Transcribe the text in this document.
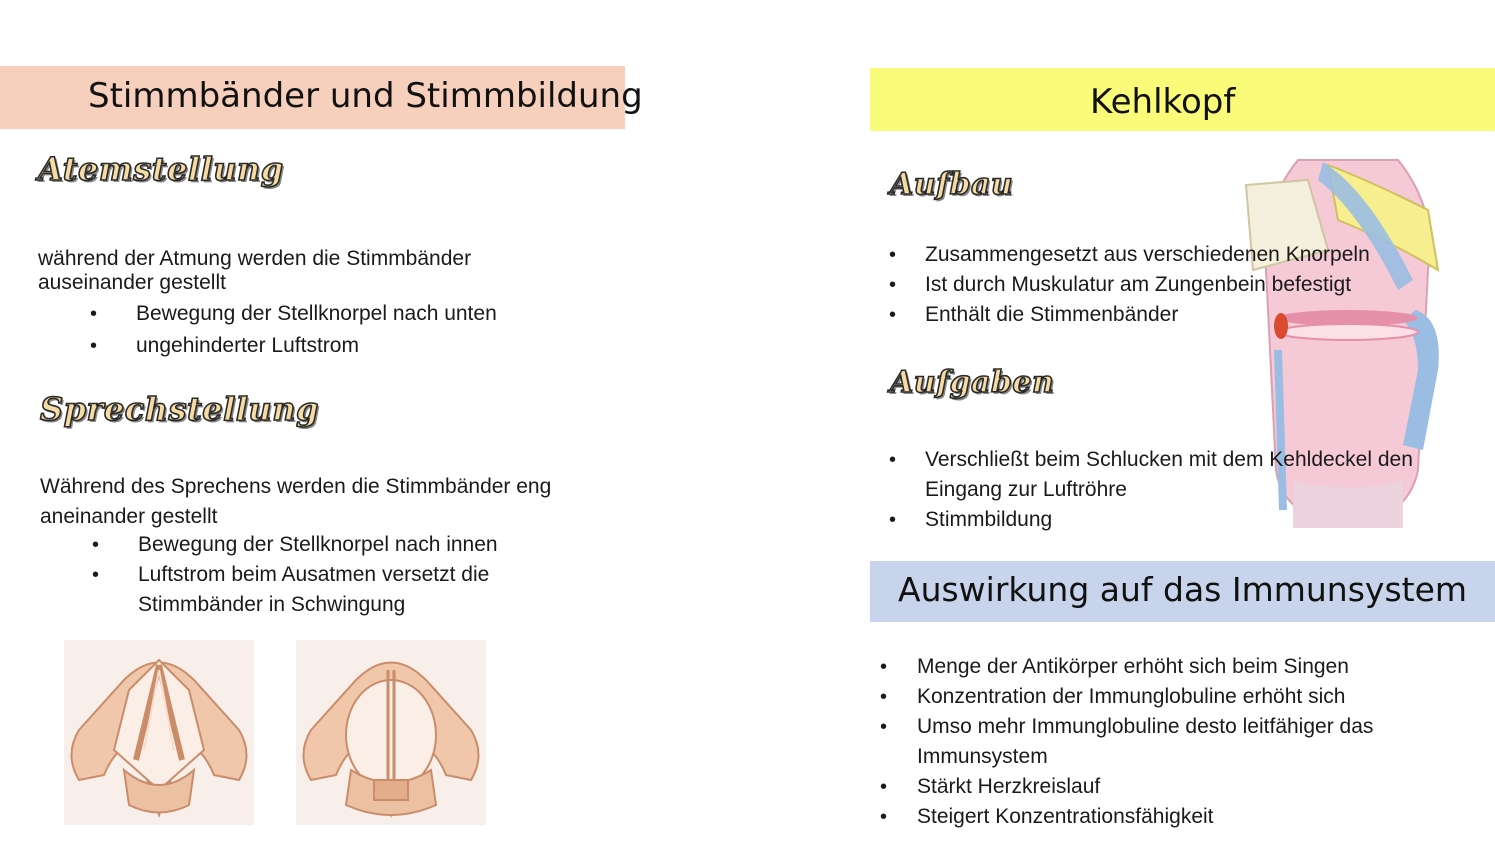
Stimmbänder und Stimmbildung
Atemstellung
während der Atmung werden die Stimmbänder
auseinander gestellt
• Bewegung der Stellknorpel nach unten
• ungehinderter Luftstrom
Sprechstellung
Während des Sprechens werden die Stimmbänder eng
aneinander gestellt
• Bewegung der Stellknorpel nach innen
• Luftstrom beim Ausatmen versetzt die
Stimmbänder in Schwingung
Kehlkopf
Aufbau
• Zusammengesetzt aus verschiedenen Knorpeln
• Ist durch Muskulatur am Zungenbein befestigt
• Enthält die Stimmenbänder
Aufgaben
• Verschließt beim Schlucken mit dem Kehldeckel den
Eingang zur Luftröhre
• Stimmbildung
Auswirkung auf das Immunsystem
• Menge der Antikörper erhöht sich beim Singen
• Konzentration der Immunglobuline erhöht sich
• Umso mehr Immunglobuline desto leitfähiger das
Immunsystem
• Stärkt Herzkreislauf
• Steigert Konzentrationsfähigkeit
